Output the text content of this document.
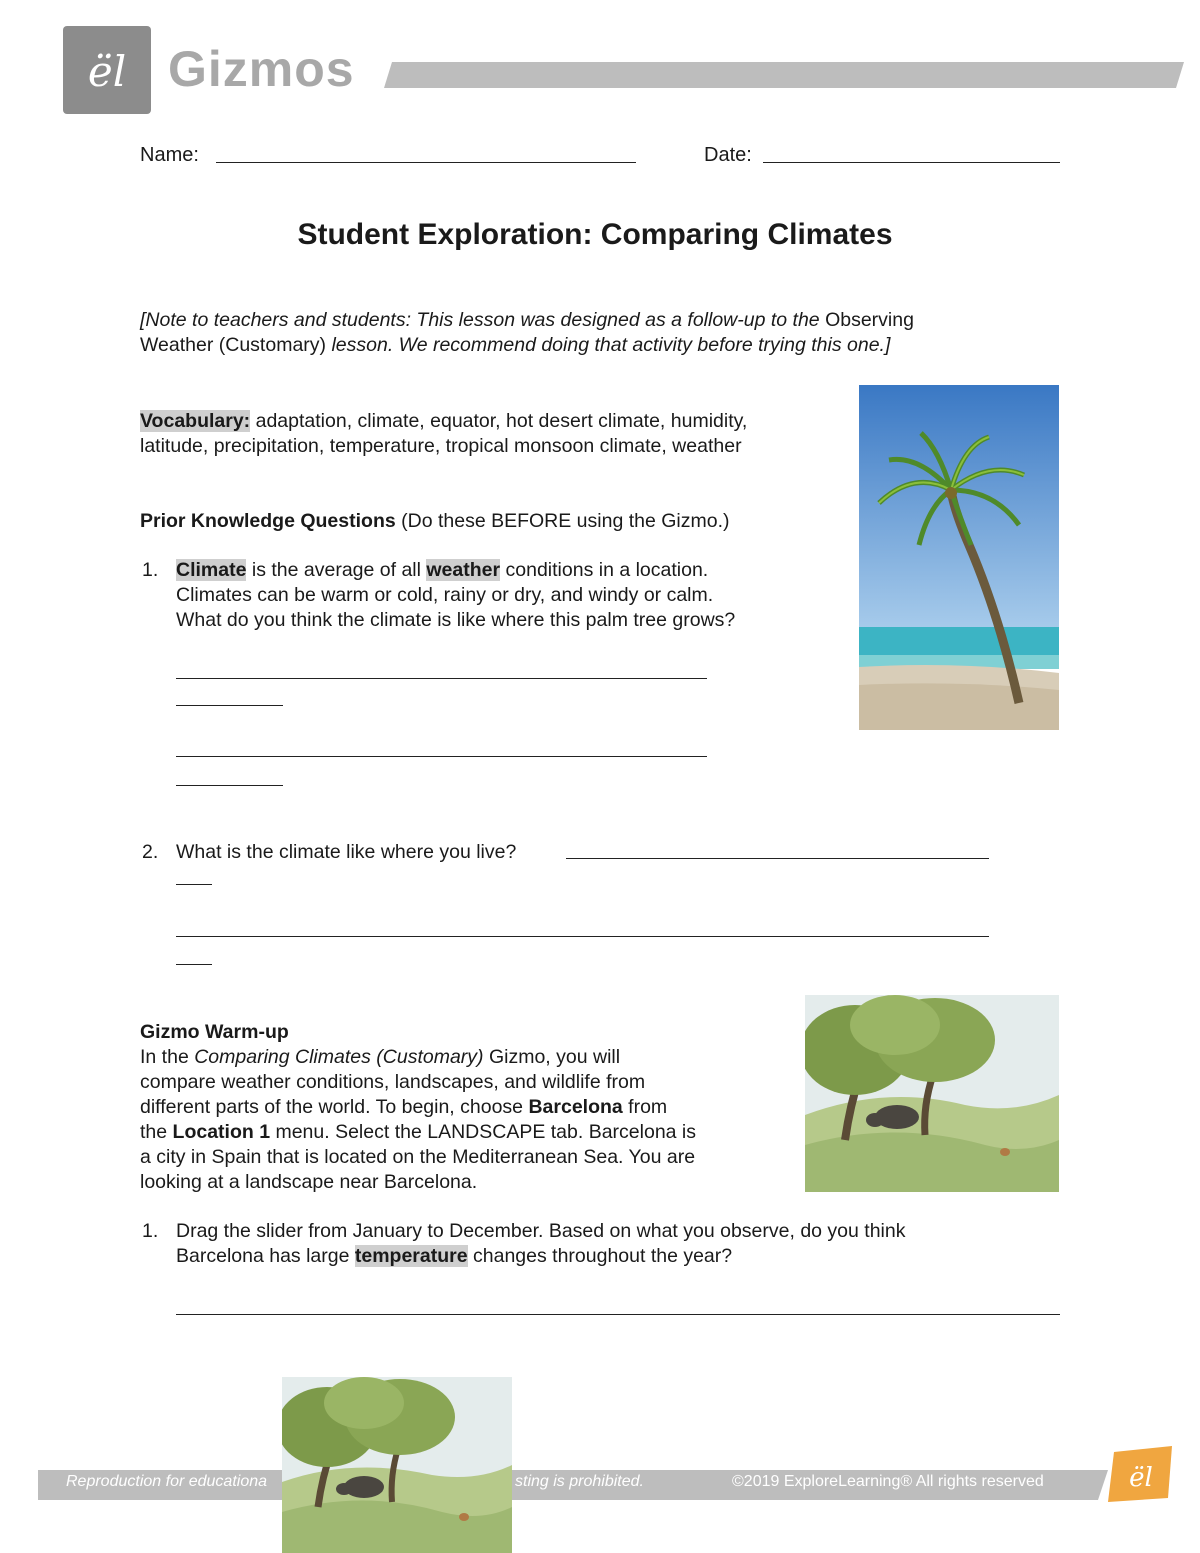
ël Gizmos
Name:	Date:
Student Exploration: Comparing Climates
[Note to teachers and students: This lesson was designed as a follow-up to the Observing
Weather (Customary) lesson. We recommend doing that activity before trying this one.]
Vocabulary: adaptation, climate, equator, hot desert climate, humidity,
latitude, precipitation, temperature, tropical monsoon climate, weather
Prior Knowledge Questions (Do these BEFORE using the Gizmo.)
1. Climate is the average of all weather conditions in a location.
Climates can be warm or cold, rainy or dry, and windy or calm.
What do you think the climate is like where this palm tree grows?
2. What is the climate like where you live?
Gizmo Warm-up
In the Comparing Climates (Customary) Gizmo, you will
compare weather conditions, landscapes, and wildlife from
different parts of the world. To begin, choose Barcelona from
the Location 1 menu. Select the LANDSCAPE tab. Barcelona is
a city in Spain that is located on the Mediterranean Sea. You are
looking at a landscape near Barcelona.
1. Drag the slider from January to December. Based on what you observe, do you think
Barcelona has large temperature changes throughout the year?
Reproduction for educationa	sting is prohibited.	©2019 ExploreLearning® All rights reserved	ël
